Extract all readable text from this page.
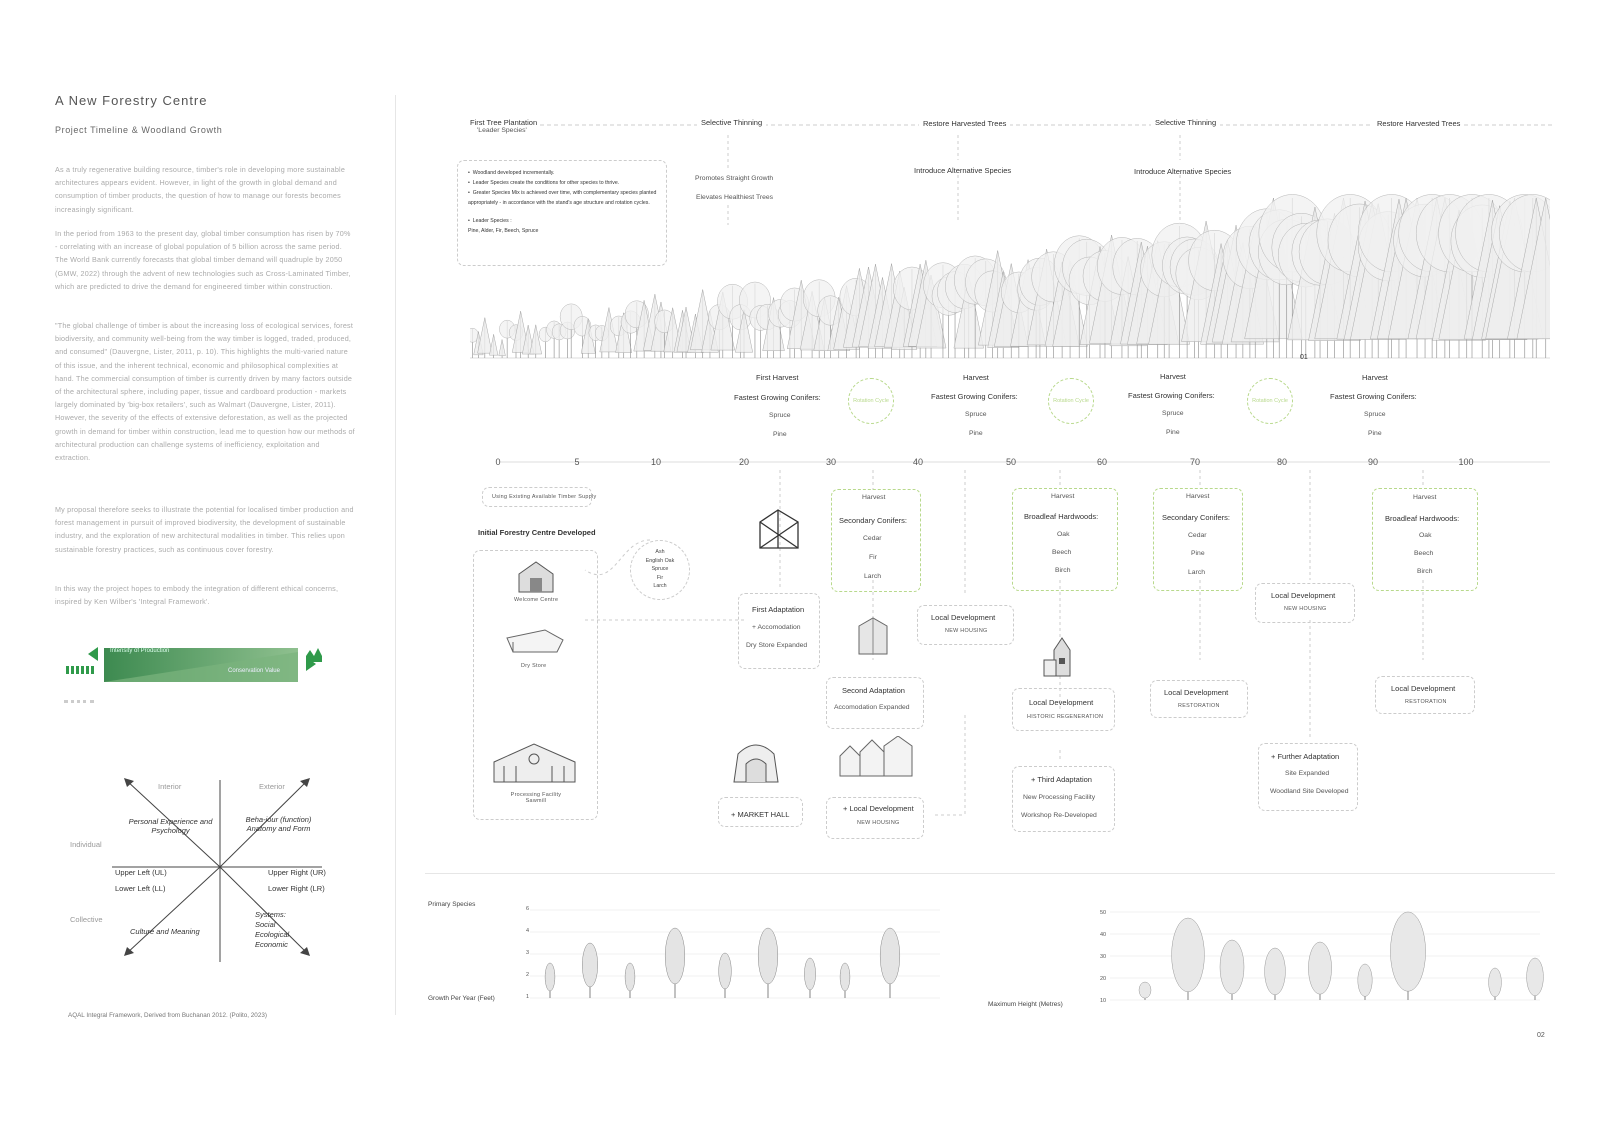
A New Forestry Centre
Project Timeline & Woodland Growth

As a truly regenerative building resource, timber's role in developing more sustainable architectures appears evident. However, in light of the growth in global demand and consumption of timber products, the question of how to manage our forests becomes increasingly significant.

In the period from 1963 to the present day, global timber consumption has risen by 70% - correlating with an increase of global population of 5 billion across the same period. The World Bank currently forecasts that global timber demand will quadruple by 2050 (GMW, 2022) through the advent of new technologies such as Cross-Laminated Timber, which are predicted to drive the demand for engineered timber within construction.

"The global challenge of timber is about the increasing loss of ecological services, forest biodiversity, and community well-being from the way timber is logged, traded, produced, and consumed" (Dauvergne, Lister, 2011, p. 10). This highlights the multi-varied nature of this issue, and the inherent technical, economic and philosophical complexities at hand. The commercial consumption of timber is currently driven by many factors outside of the architectural sphere, including paper, tissue and cardboard production - markets largely dominated by 'big-box retailers', such as Walmart (Dauvergne, Lister, 2011). However, the severity of the effects of extensive deforestation, as well as the projected growth in demand for timber within construction, lead me to question how our methods of architectural production can challenge systems of inefficiency, exploitation and extraction.

My proposal therefore seeks to illustrate the potential for localised timber production and forest management in pursuit of improved biodiversity, the development of sustainable industry, and the exploration of new architectural modalities in timber. This relies upon sustainable forestry practices, such as continuous cover forestry.

In this way the project hopes to embody the integration of different ethical concerns, inspired by Ken Wilber's 'Integral Framework'.

Intensity of Production
Conservation Value
Interior	Exterior
Individual
Collective
Personal Experience and Psychology
Beha-iour (function) Anatomy and Form
Upper Left (UL)	Upper Right (UR)
Lower Left (LL)	Lower Right (LR)
Culture and Meaning
Systems: Social Ecological Economic
AQAL Integral Framework, Derived from Buchanan 2012. (Polito, 2023)
First Tree Plantation
'Leader Species'
Selective Thinning	Restore Harvested Trees	Selective Thinning	Restore Harvested Trees
•  Woodland developed incrementally.
•  Leader Species create the conditions for other species to thrive.
•  Greater Species Mix is achieved over time, with complementary species planted appropriately - in accordance with the stand's age structure and rotation cycles.
•  Leader Species :
Pine, Alder, Fir, Beech, Spruce
Promotes Straight Growth
Elevates Healthiest Trees
Introduce Alternative Species	Introduce Alternative Species
01
First Harvest
Fastest Growing Conifers:
Spruce
Pine
Harvest
Fastest Growing Conifers:
Spruce
Pine
Harvest
Fastest Growing Conifers:
Spruce
Pine
Harvest
Fastest Growing Conifers:
Spruce
Pine
Rotation Cycle	Rotation Cycle	Rotation Cycle
0	5	10	20	30	40	50	60	70	80	90	100
Using Existing Available Timber Supply
Initial Forestry Centre Developed
Welcome Centre
Dry Store
Processing Facility Sawmill
Ash
English Oak
Spruce
Fir
Larch
First Adaptation
+ Accomodation
Dry Store Expanded
Harvest
Secondary Conifers:
Cedar
Fir
Larch
Second Adaptation
Accomodation Expanded
Local Development
NEW HOUSING
Harvest
Broadleaf Hardwoods:
Oak
Beech
Birch
Local Development
HISTORIC REGENERATION
+ Third Adaptation
New Processing Facility
Workshop Re-Developed
Harvest
Secondary Conifers:
Cedar
Pine
Larch
Local Development
RESTORATION
Local Development
NEW HOUSING
+ Further Adaptation
Site Expanded
Woodland Site Developed
Harvest
Broadleaf Hardwoods:
Oak
Beech
Birch
Local Development
RESTORATION
+ MARKET HALL
+ Local Development
NEW HOUSING
Primary Species
Growth Per Year (Feet)
Maximum Height (Metres)
6
4
3
2
1
50
40
30
20
10
02
